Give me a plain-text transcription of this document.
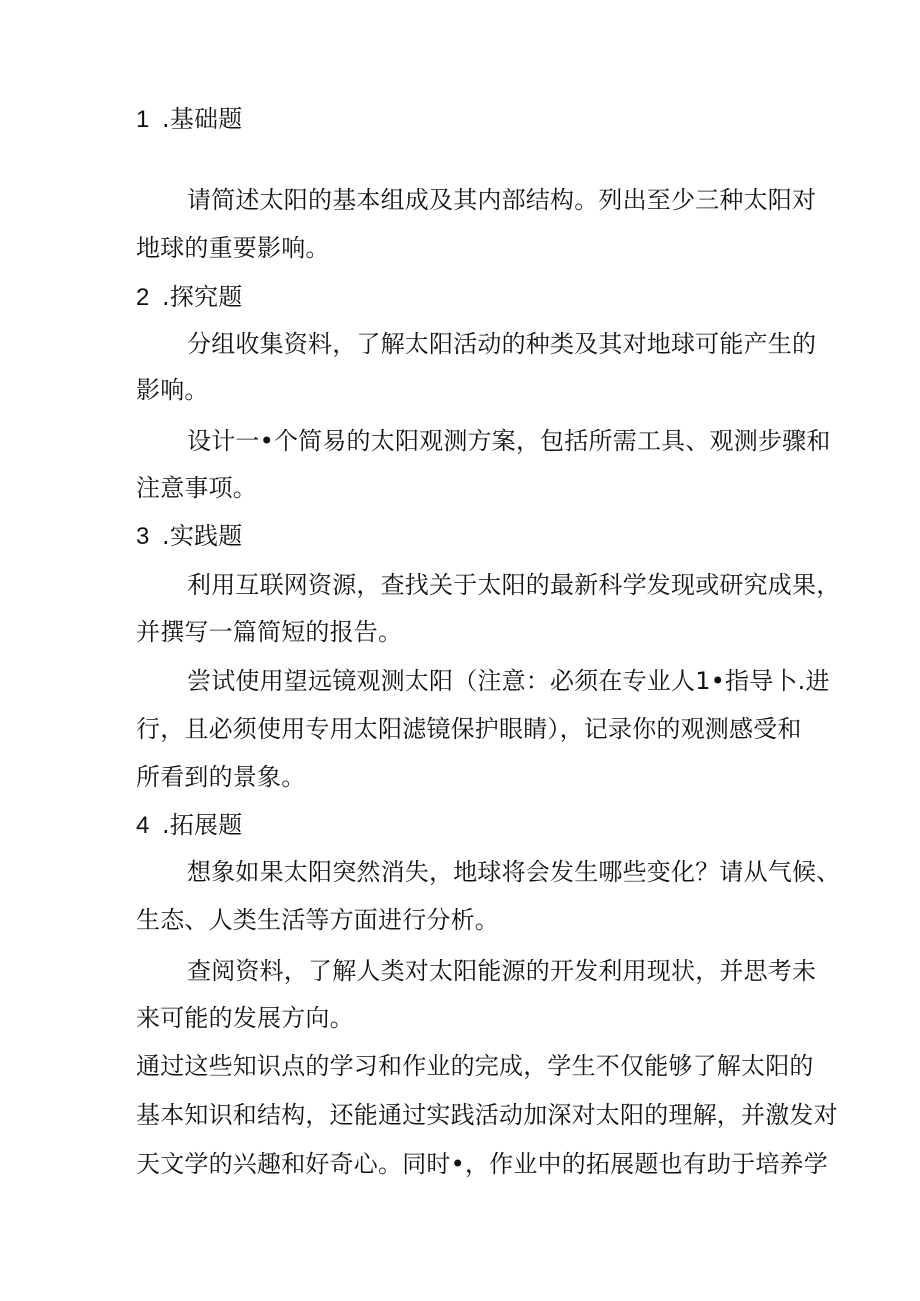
1 .基础题
请简述太阳的基本组成及其内部结构。列出至少三种太阳对
地球的重要影响。
2 .探究题
分组收集资料，了解太阳活动的种类及其对地球可能产生的
影响。
设计一•个简易的太阳观测方案，包括所需工具、观测步骤和
注意事项。
3 .实践题
利用互联网资源，查找关于太阳的最新科学发现或研究成果，
并撰写一篇简短的报告。
尝试使用望远镜观测太阳（注意：必须在专业人1•指导卜.进
行，且必须使用专用太阳滤镜保护眼睛），记录你的观测感受和
所看到的景象。
4 .拓展题
想象如果太阳突然消失，地球将会发生哪些变化？请从气候、
生态、人类生活等方面进行分析。
查阅资料，了解人类对太阳能源的开发利用现状，并思考未
来可能的发展方向。
通过这些知识点的学习和作业的完成，学生不仅能够了解太阳的
基本知识和结构，还能通过实践活动加深对太阳的理解，并激发对
天文学的兴趣和好奇心。同时•，作业中的拓展题也有助于培养学
